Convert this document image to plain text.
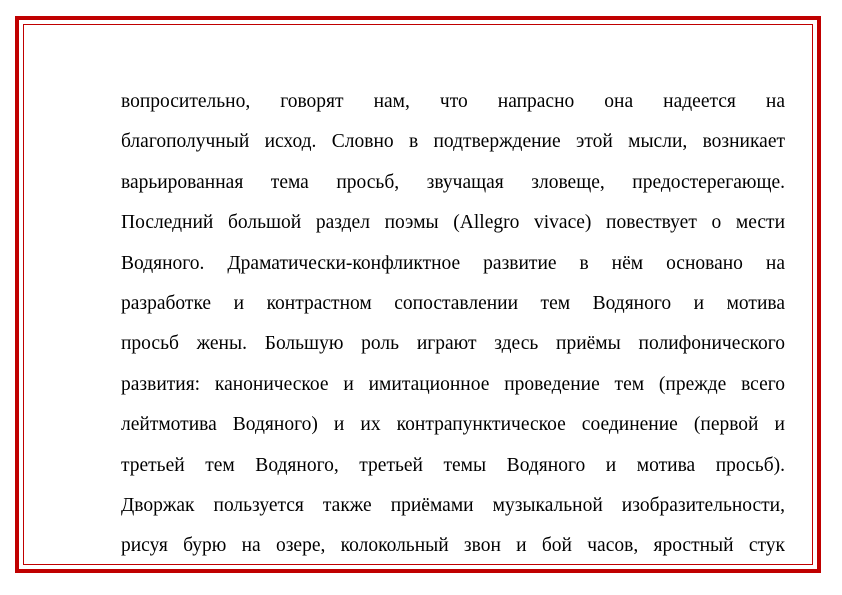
вопросительно, говорят нам, что напрасно она надеется на
благополучный исход. Словно в подтверждение этой мысли, возникает
варьированная тема просьб, звучащая зловеще, предостерегающе.
Последний большой раздел поэмы (Allegro vivace) повествует о мести
Водяного. Драматически-конфликтное развитие в нём основано на
разработке и контрастном сопоставлении тем Водяного и мотива
просьб жены. Большую роль играют здесь приёмы полифонического
развития: каноническое и имитационное проведение тем (прежде всего
лейтмотива Водяного) и их контрапунктическое соединение (первой и
третьей тем Водяного, третьей темы Водяного и мотива просьб).
Дворжак пользуется также приёмами музыкальной изобразительности,
рисуя бурю на озере, колокольный звон и бой часов, яростный стук
